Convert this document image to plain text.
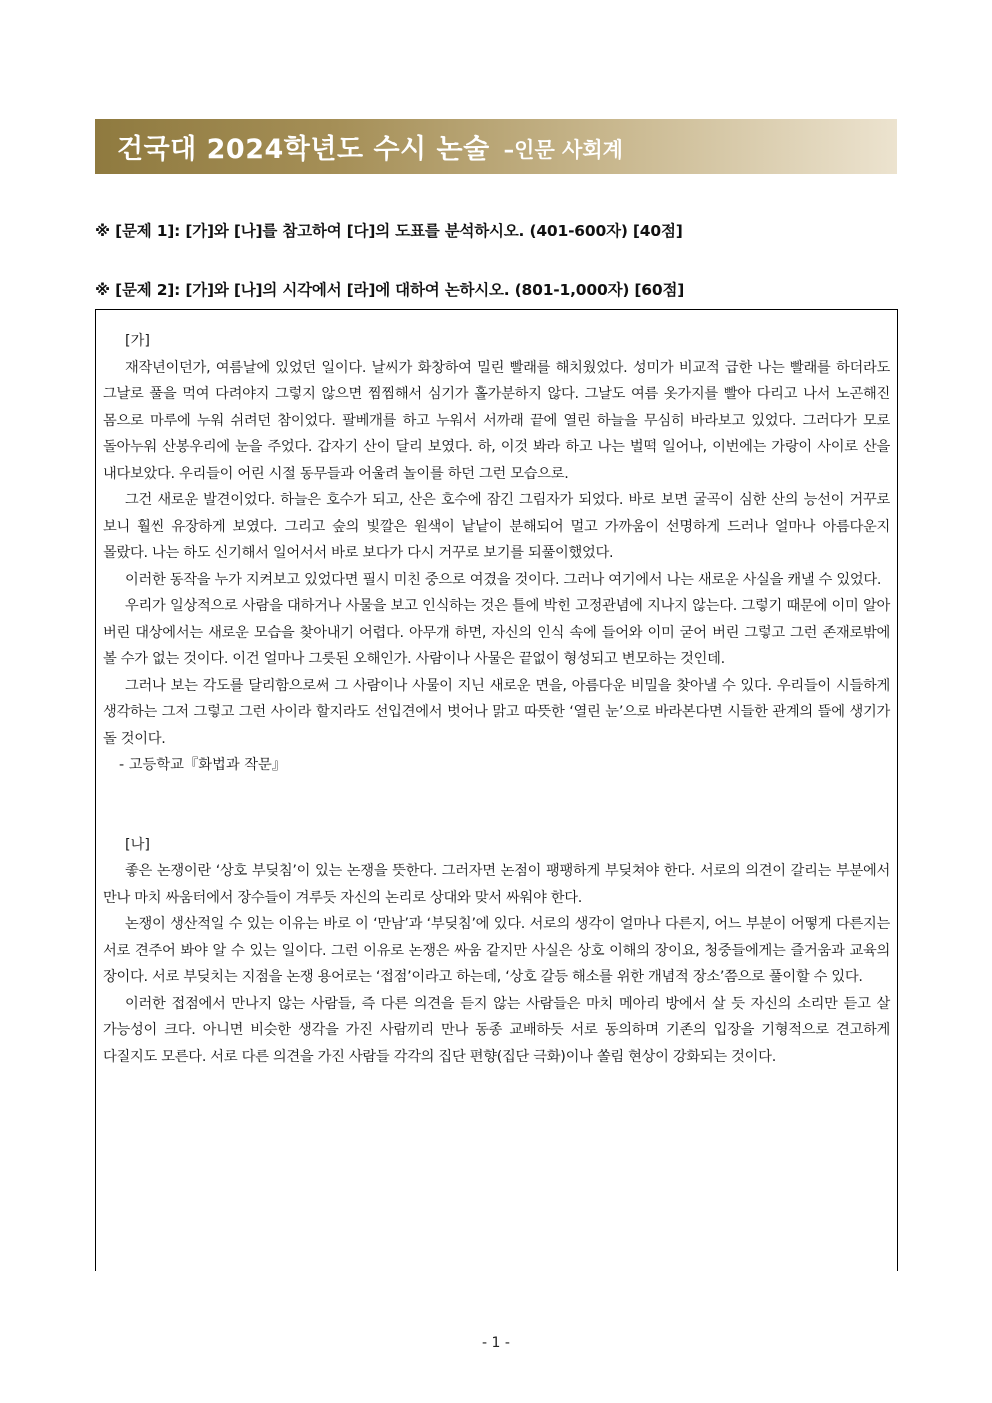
건국대 2024학년도 수시 논술 –인문 사회계
※ [문제 1]: [가]와 [나]를 참고하여 [다]의 도표를 분석하시오. (401-600자) [40점]
※ [문제 2]: [가]와 [나]의 시각에서 [라]에 대하여 논하시오. (801-1,000자) [60점]

[가]

재작년이던가, 여름날에 있었던 일이다. 날씨가 화창하여 밀린 빨래를 해치웠었다. 성미가 비교적 급한 나는 빨래를 하더라도 그날로 풀을 먹여 다려야지 그렇지 않으면 찜찜해서 심기가 홀가분하지 않다. 그날도 여름 옷가지를 빨아 다리고 나서 노곤해진 몸으로 마루에 누워 쉬려던 참이었다. 팔베개를 하고 누워서 서까래 끝에 열린 하늘을 무심히 바라보고 있었다. 그러다가 모로 돌아누워 산봉우리에 눈을 주었다. 갑자기 산이 달리 보였다. 하, 이것 봐라 하고 나는 벌떡 일어나, 이번에는 가랑이 사이로 산을 내다보았다. 우리들이 어린 시절 동무들과 어울려 놀이를 하던 그런 모습으로.

그건 새로운 발견이었다. 하늘은 호수가 되고, 산은 호수에 잠긴 그림자가 되었다. 바로 보면 굴곡이 심한 산의 능선이 거꾸로 보니 훨씬 유장하게 보였다. 그리고 숲의 빛깔은 원색이 낱낱이 분해되어 멀고 가까움이 선명하게 드러나 얼마나 아름다운지 몰랐다. 나는 하도 신기해서 일어서서 바로 보다가 다시 거꾸로 보기를 되풀이했었다.

이러한 동작을 누가 지켜보고 있었다면 필시 미친 중으로 여겼을 것이다. 그러나 여기에서 나는 새로운 사실을 캐낼 수 있었다.

우리가 일상적으로 사람을 대하거나 사물을 보고 인식하는 것은 틀에 박힌 고정관념에 지나지 않는다. 그렇기 때문에 이미 알아 버린 대상에서는 새로운 모습을 찾아내기 어렵다. 아무개 하면, 자신의 인식 속에 들어와 이미 굳어 버린 그렇고 그런 존재로밖에 볼 수가 없는 것이다. 이건 얼마나 그릇된 오해인가. 사람이나 사물은 끝없이 형성되고 변모하는 것인데.

그러나 보는 각도를 달리함으로써 그 사람이나 사물이 지닌 새로운 면을, 아름다운 비밀을 찾아낼 수 있다. 우리들이 시들하게 생각하는 그저 그렇고 그런 사이라 할지라도 선입견에서 벗어나 맑고 따뜻한 ‘열린 눈’으로 바라본다면 시들한 관계의 뜰에 생기가 돌 것이다.

- 고등학교『화법과 작문』

[나]

좋은 논쟁이란 ‘상호 부딪침’이 있는 논쟁을 뜻한다. 그러자면 논점이 팽팽하게 부딪쳐야 한다. 서로의 의견이 갈리는 부분에서 만나 마치 싸움터에서 장수들이 겨루듯 자신의 논리로 상대와 맞서 싸워야 한다.

논쟁이 생산적일 수 있는 이유는 바로 이 ‘만남’과 ‘부딪침’에 있다. 서로의 생각이 얼마나 다른지, 어느 부분이 어떻게 다른지는 서로 견주어 봐야 알 수 있는 일이다. 그런 이유로 논쟁은 싸움 같지만 사실은 상호 이해의 장이요, 청중들에게는 즐거움과 교육의 장이다. 서로 부딪치는 지점을 논쟁 용어로는 ‘접점’이라고 하는데, ‘상호 갈등 해소를 위한 개념적 장소’쯤으로 풀이할 수 있다.

이러한 접점에서 만나지 않는 사람들, 즉 다른 의견을 듣지 않는 사람들은 마치 메아리 방에서 살 듯 자신의 소리만 듣고 살 가능성이 크다. 아니면 비슷한 생각을 가진 사람끼리 만나 동종 교배하듯 서로 동의하며 기존의 입장을 기형적으로 견고하게 다질지도 모른다. 서로 다른 의견을 가진 사람들 각각의 집단 편향(집단 극화)이나 쏠림 현상이 강화되는 것이다.

- 1 -
